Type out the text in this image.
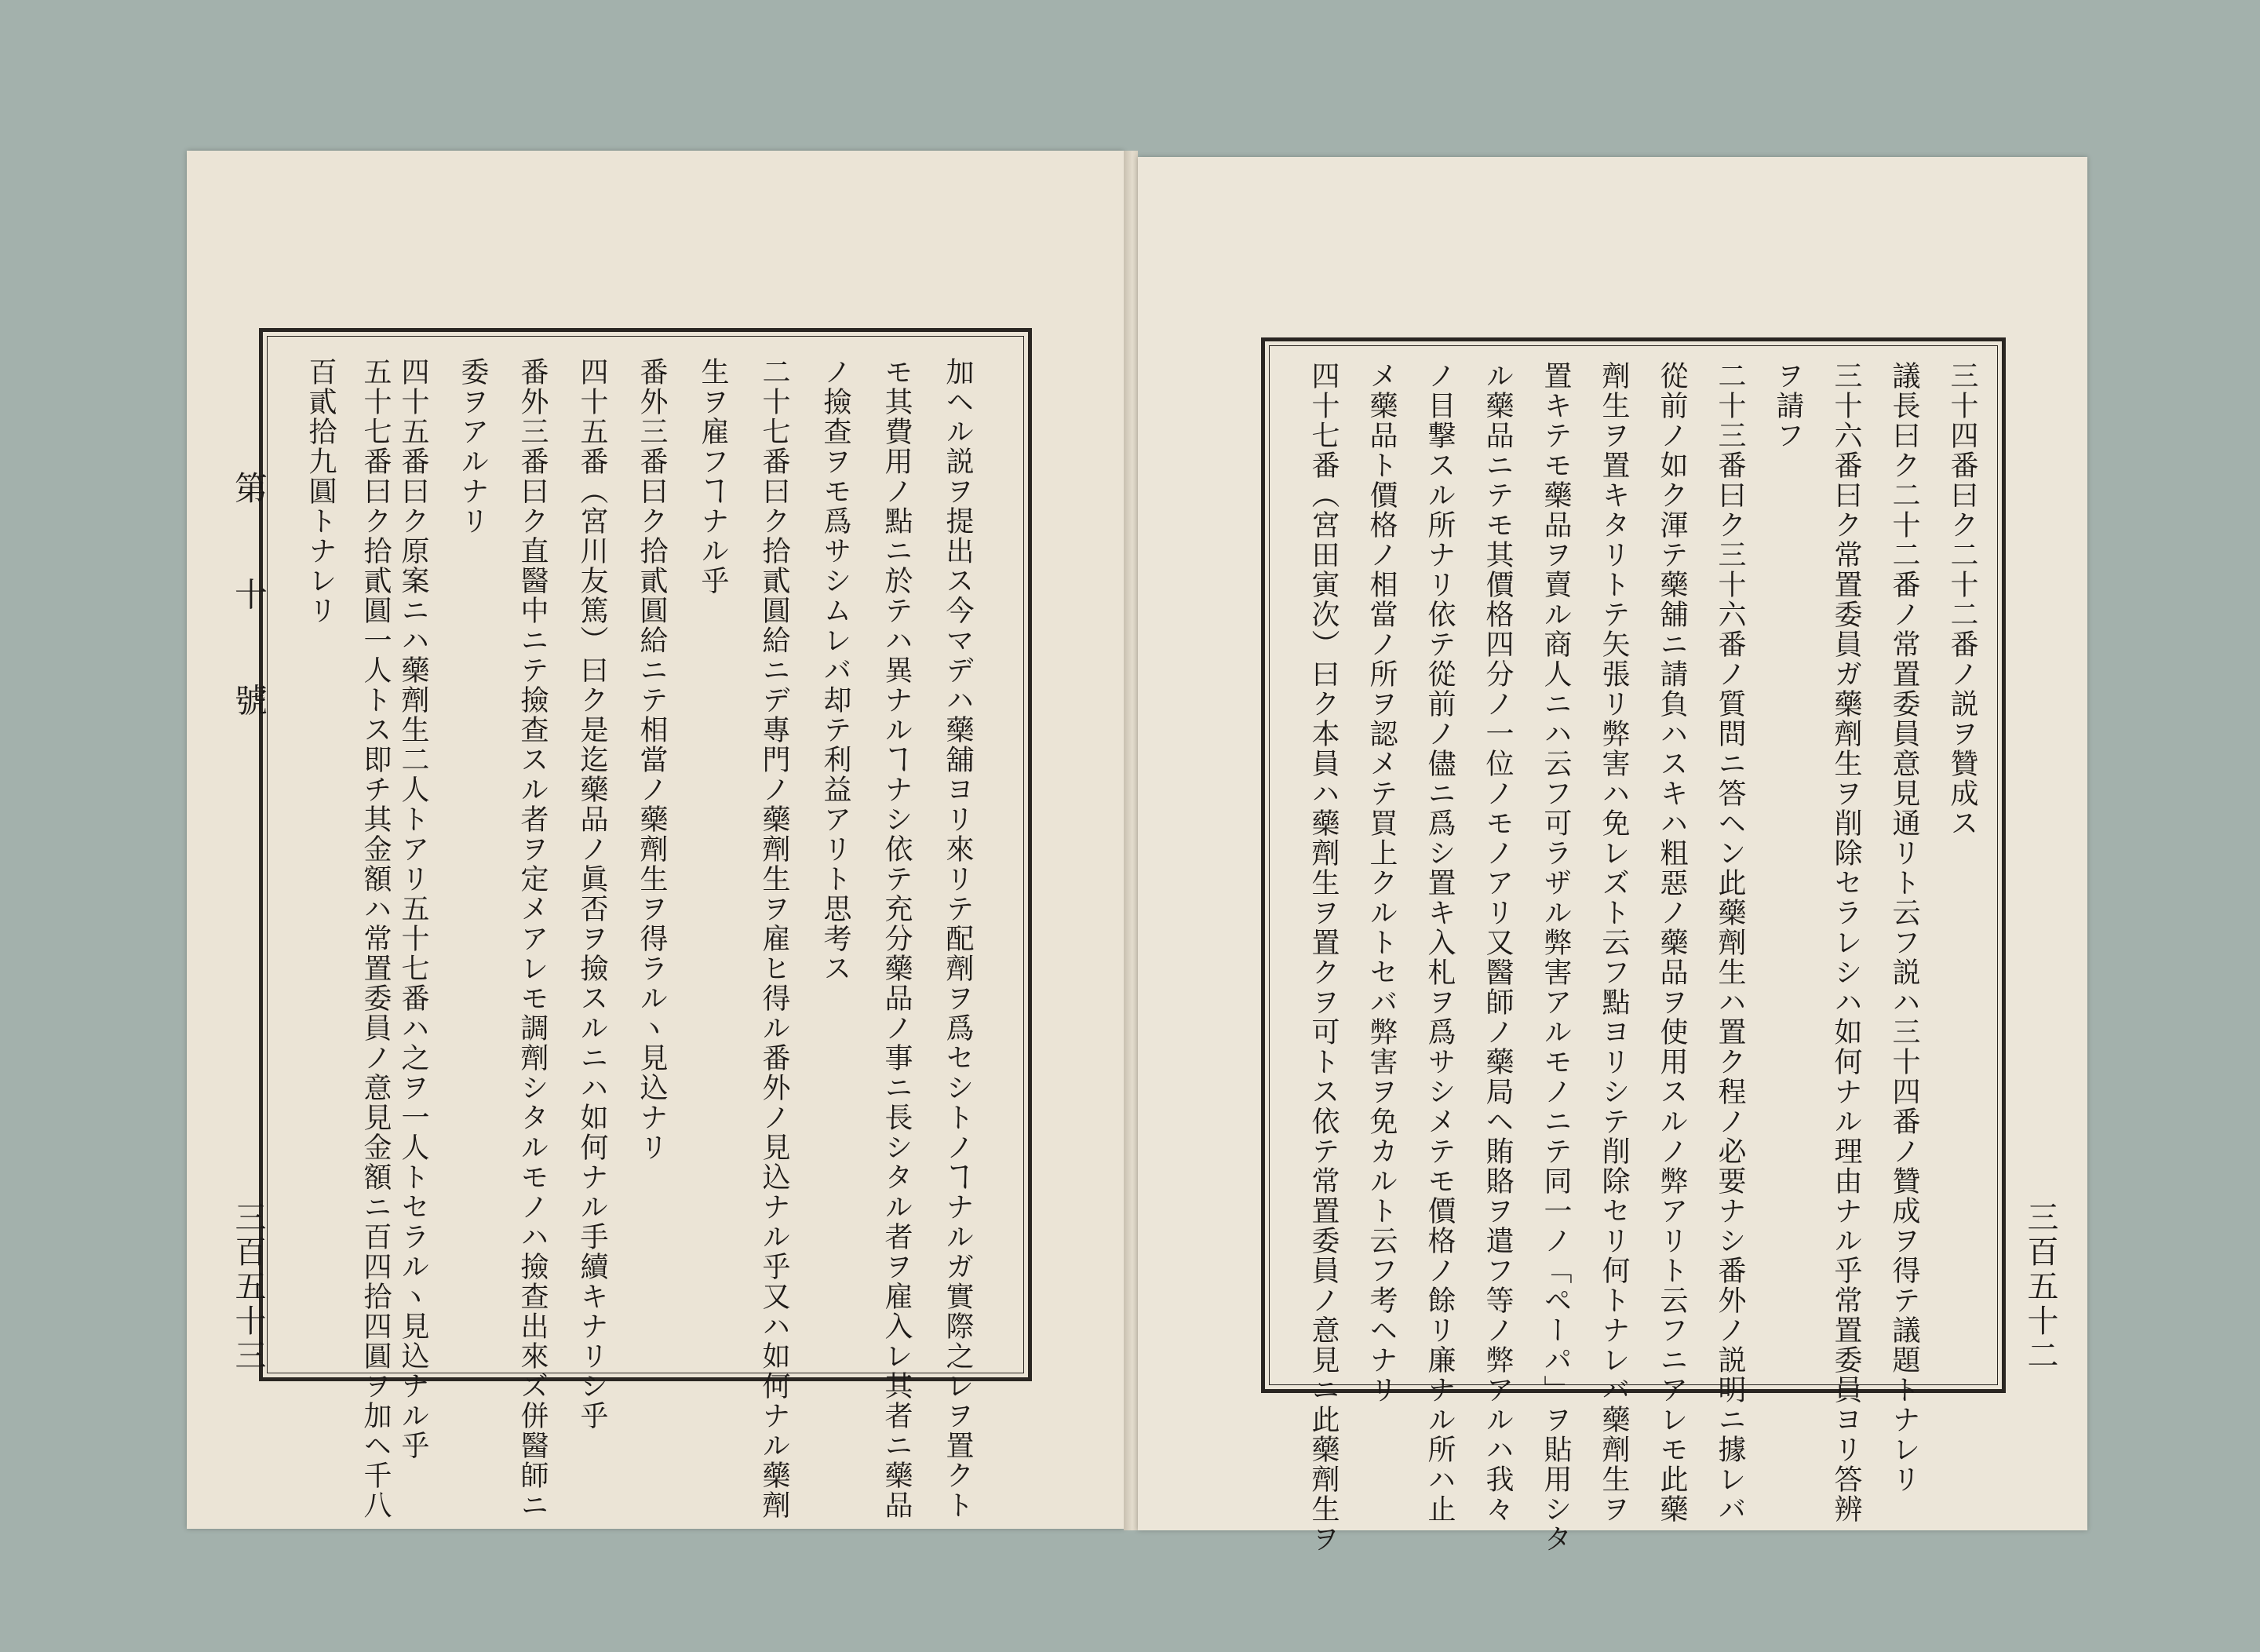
第 十 號
三百五十三	三百五十二
加ヘル説ヲ提出ス今マデハ藥舖ヨリ來リテ配劑ヲ爲セシトノヿナルガ實際之レヲ置クト
モ其費用ノ點ニ於テハ異ナルヿナシ依テ充分藥品ノ事ニ長シタル者ヲ雇入レ其者ニ藥品
ノ撿查ヲモ爲サシムレバ却テ利益アリト思考ス
二十七番曰ク拾貳圓給ニデ專門ノ藥劑生ヲ雇ヒ得ル番外ノ見込ナル乎又ハ如何ナル藥劑
生ヲ雇フヿナル乎
番外三番曰ク拾貳圓給ニテ相當ノ藥劑生ヲ得ラルヽ見込ナリ
四十五番（宮川友篤）曰ク是迄藥品ノ眞否ヲ撿スルニハ如何ナル手續キナリシ乎
番外三番曰ク直醫中ニテ撿查スル者ヲ定メアレモ調劑シタルモノハ撿查出來ズ併醫師ニ
委ヲアルナリ
四十五番曰ク原案ニハ藥劑生二人トアリ五十七番ハ之ヲ一人トセラルヽ見込ナル乎
五十七番曰ク拾貳圓一人トス即チ其金額ハ常置委員ノ意見金額ニ百四拾四圓ヲ加ヘ千八
百貳拾九圓トナレリ	三十四番曰ク二十二番ノ説ヲ贊成ス
議長曰ク二十二番ノ常置委員意見通リト云フ説ハ三十四番ノ贊成ヲ得テ議題トナレリ
三十六番曰ク常置委員ガ藥劑生ヲ削除セラレシハ如何ナル理由ナル乎常置委員ヨリ答辨
ヲ請フ
二十三番曰ク三十六番ノ質問ニ答ヘン此藥劑生ハ置ク程ノ必要ナシ番外ノ説明ニ據レバ
從前ノ如ク渾テ藥舖ニ請負ハスキハ粗惡ノ藥品ヲ使用スルノ弊アリト云フニアレモ此藥
劑生ヲ置キタリトテ矢張リ弊害ハ免レズト云フ點ヨリシテ削除セリ何トナレバ藥劑生ヲ
置キテモ藥品ヲ賣ル商人ニハ云フ可ラザル弊害アルモノニテ同一ノ「ペーパ」ヲ貼用シタ
ル藥品ニテモ其價格四分ノ一位ノモノアリ又醫師ノ藥局ヘ賄賂ヲ遣フ等ノ弊アルハ我々
ノ目撃スル所ナリ依テ從前ノ儘ニ爲シ置キ入札ヲ爲サシメテモ價格ノ餘リ廉ナル所ハ止
メ藥品ト價格ノ相當ノ所ヲ認メテ買上クルトセバ弊害ヲ免カルト云フ考ヘナリ
四十七番（宮田寅次）曰ク本員ハ藥劑生ヲ置クヲ可トス依テ常置委員ノ意見ニ此藥劑生ヲ
